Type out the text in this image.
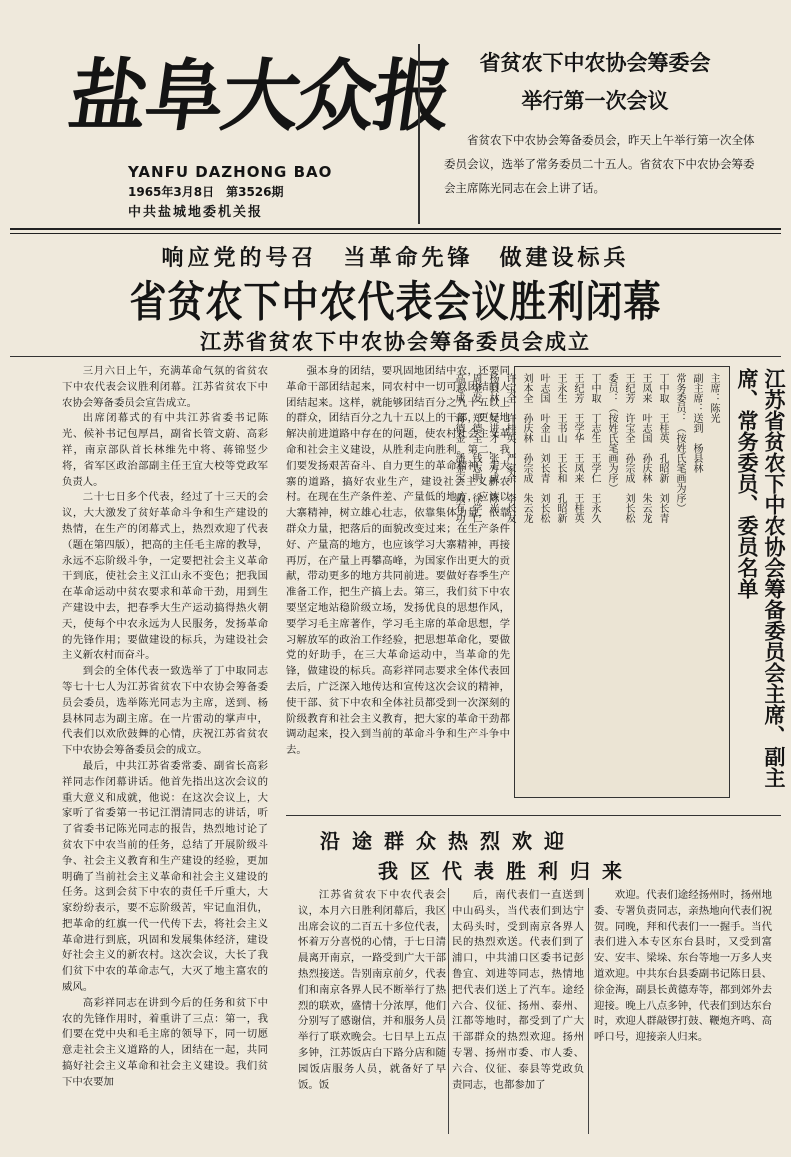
盐阜大众报
YANFU DAZHONG BAO
1965年3月8日　第3526期
中共盐城地委机关报
省贫农下中农协会筹委会
举行第一次会议

省贫农下中农协会筹备委员会，昨天上午举行第一次全体委员会议，选举了常务委员二十五人。省贫农下中农协会筹委会主席陈光同志在会上讲了话。

响应党的号召　当革命先锋　做建设标兵
省贫农下中农代表会议胜利闭幕
江苏省贫农下中农协会筹备委员会成立

三月六日上午，充满革命气氛的省贫农下中农代表会议胜利闭幕。江苏省贫农下中农协会筹备委员会宣告成立。

出席闭幕式的有中共江苏省委书记陈光、候补书记包厚昌，副省长管文蔚、高彩祥，南京部队首长林维先中将、蒋锦竖少将，省军区政治部副主任王宜大校等党政军负责人。

二十七日多个代表，经过了十三天的会议，大大激发了贫好革命斗争和生产建设的热情，在生产的闭幕式上，热烈欢迎了代表（题在第四版），把高的主任毛主席的教导，永远不忘阶级斗争，一定要把社会主义革命干到底，使社会主义江山永不变色；把我国在革命运动中贫农要求和革命干劲，用到生产建设中去，把春季大生产运动搞得热火朝天，使每个中农永远为人民服务，发扬革命的先锋作用；要做建设的标兵，为建设社会主义新农村而奋斗。

到会的全体代表一致选举了丁中取同志等七十七人为江苏省贫农下中农协会筹备委员会委员，选举陈光同志为主席，送到、杨县林同志为副主席。在一片雷动的掌声中，代表们以欢欣鼓舞的心情，庆祝江苏省贫农下中农协会筹备委员会的成立。

最后，中共江苏省委常委、副省长高彩祥同志作闭幕讲话。他首先指出这次会议的重大意义和成就，他说：在这次会议上，大家听了省委第一书记江渭清同志的讲话，听了省委书记陈光同志的报告，热烈地讨论了贫农下中农当前的任务，总结了开展阶级斗争、社会主义教育和生产建设的经验，更加明确了当前社会主义革命和社会主义建设的任务。这到会贫下中农的责任千斤重大，大家纷纷表示，要不忘阶级苦，牢记血泪仇，把革命的红旗一代一代传下去，将社会主义革命进行到底，巩固和发展集体经济，建设好社会主义的新农村。这次会议，大长了我们贫下中农的革命志气，大灭了地主富农的威风。

高彩祥同志在讲到今后的任务和贫下中农的先锋作用时，着重讲了三点：第一，我们要在党中央和毛主席的领导下，同一切愿意走社会主义道路的人，团结在一起，共同搞好社会主义革命和社会主义建设。我们贫下中农要加

强本身的团结，要巩固地团结中农，还要同革命干部团结起来，同农村中一切可以团结的人团结起来。这样，就能够团结百分之九十五以上的群众，团结百分之九十五以上的干部，更好地解决前进道路中存在的问题，使农村社会主义革命和社会主义建设，从胜利走向胜利。第二，我们要发扬艰苦奋斗、自力更生的革命精神，走大寨的道路，搞好农业生产，建设社会主义新农村。在现在生产条件差、产量低的地方，应该以大寨精神，树立雄心壮志，依靠集体力量，依靠群众力量，把落后的面貌改变过来；在生产条件好、产量高的地方，也应该学习大寨精神，再接再厉，在产量上再攀高峰，为国家作出更大的贡献，带动更多的地方共同前进。要做好春季生产准备工作，把生产搞上去。第三，我们贫下中农要坚定地站稳阶级立场，发扬优良的思想作风，要学习毛主席著作，学习毛主席的革命思想，学习解放军的政治工作经验，把思想革命化，要做党的好助手，在三大革命运动中，当革命的先锋，做建设的标兵。高彩祥同志要求全体代表回去后，广泛深入地传达和宣传这次会议的精神，使干部、贫下中农和全体社员都受到一次深刻的阶级教育和社会主义教育，把大家的革命干劲都调动起来，投入到当前的革命斗争和生产斗争中去。

主席：陈光
副主席：送到　杨县林
常务委员：（按姓氏笔画为序）
丁中取　王桂英　孔昭新　刘长青
王凤来　叶志国　孙庆林　朱云龙
王纪芳　许宝全　孙宗成　刘长松
委员：（按姓氏笔画为序）
丁中取　丁志生　王学仁　王永久
王纪芳　王学华　王凤来　王桂英
王永生　王书山　王长和　孔昭新
叶志国　叶金山　刘长青　刘长松
刘本全　孙庆林　孙宗成　朱云龙
许宝全　许桂英　严家余　李长友
杨县林　吴进才　张方成　陈光
周金发　郑德全　钱志明　徐学仁
高志成　蒋德金　潘金宝　戴有功	江苏省贫农下中农协会筹备委员会主席、副主席、常务委员、委员名单
沿途群众热烈欢迎
我区代表胜利归来

江苏省贫农下中农代表会议，本月六日胜利闭幕后，我区出席会议的二百五十多位代表，怀着万分喜悦的心情，于七日清晨离开南京，一路受到广大干部热烈接送。告别南京前夕，代表们和南京各界人民不断举行了热烈的联欢，盛情十分浓厚，他们分别写了感谢信，并和服务人员举行了联欢晚会。七日早上五点多钟，江苏饭店白下路分店和随园饭店服务人员，就备好了早饭。饭

后，南代表们一直送到中山码头，当代表们到达宁太码头时，受到南京各界人民的热烈欢送。代表们到了浦口，中共浦口区委书记彭鲁宜、刘进等同志，热情地把代表们送上了汽车。途经六合、仪征、扬州、泰州、江都等地时，都受到了广大干部群众的热烈欢迎。扬州专署、扬州市委、市人委、六合、仪征、泰县等党政负责同志，也都参加了

欢迎。代表们途经扬州时，扬州地委、专署负责同志，亲热地向代表们祝贺。同晚，拜和代表们一一握手。当代表们进入本专区东台县时，又受到富安、安丰、梁垛、东台等地一万多人夹道欢迎。中共东台县委副书记陈日县、徐金海，副县长黄德寿等，都到郊外去迎接。晚上八点多钟，代表们到达东台时，欢迎人群敲锣打鼓、鞭炮齐鸣、高呼口号，迎接亲人归来。
